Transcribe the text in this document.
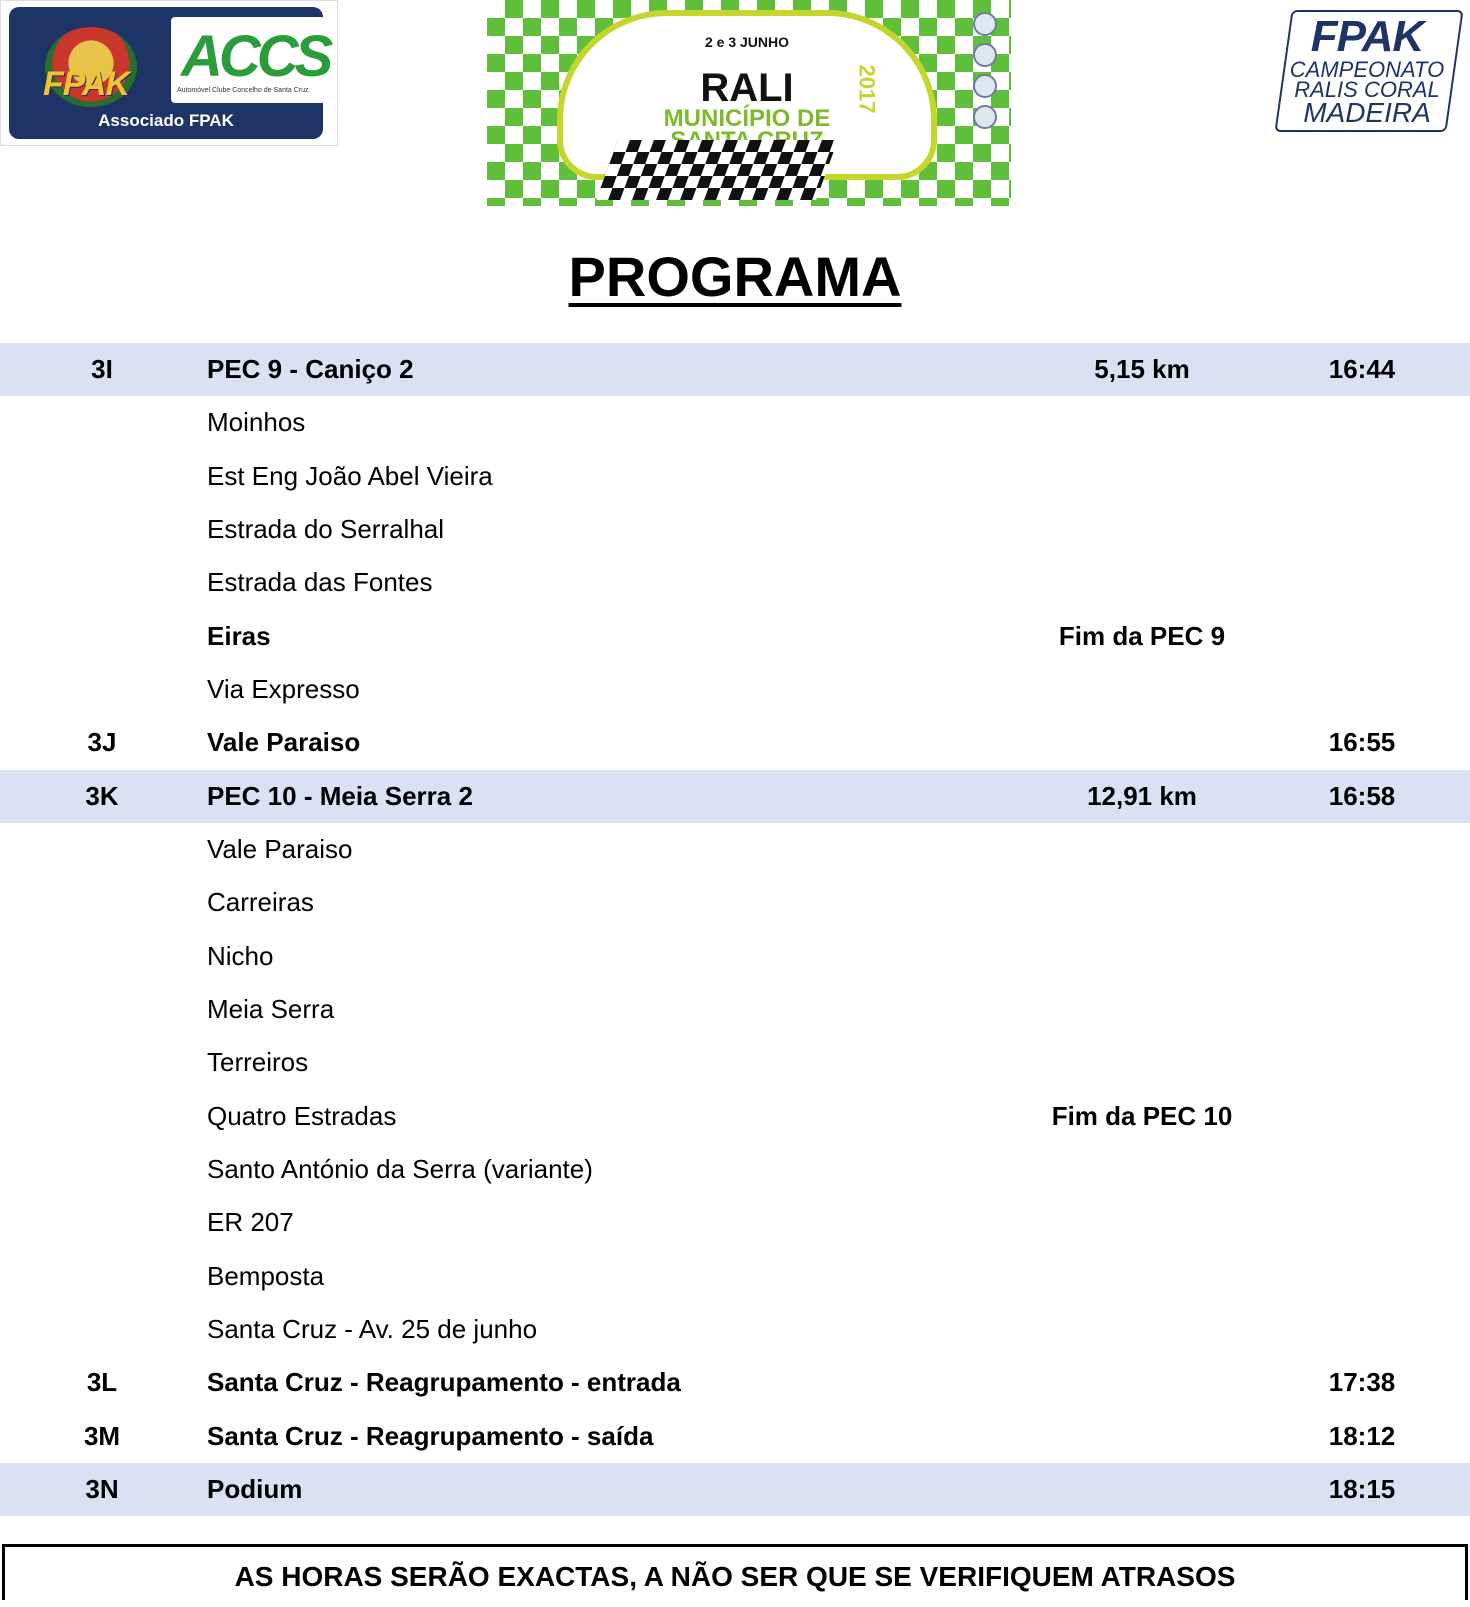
FPAK ACCS
Automóvel Clube Concelho de Santa Cruz
Associado FPAK
2 e 3 JUNHO
RALI
MUNICÍPIO DE

2017
FPAK
CAMPEONATO
RALIS CORAL
MADEIRA
PROGRAMA
3I	PEC 9 - Caniço 2	5,15 km	16:44
Moinhos
Est Eng João Abel Vieira
Estrada do Serralhal
Estrada das Fontes
Eiras	Fim da PEC 9
Via Expresso
3J	Vale Paraiso	16:55
3K	PEC 10 - Meia Serra 2	12,91 km	16:58
Vale Paraiso
Carreiras
Nicho
Meia Serra
Terreiros
Quatro Estradas	Fim da PEC 10
Santo António da Serra (variante)
ER 207
Bemposta
Santa Cruz - Av. 25 de junho
3L	Santa Cruz - Reagrupamento - entrada	17:38
3M	Santa Cruz - Reagrupamento - saída	18:12
3N	Podium	18:15
AS HORAS SERÃO EXACTAS, A NÃO SER QUE SE VERIFIQUEM ATRASOS
